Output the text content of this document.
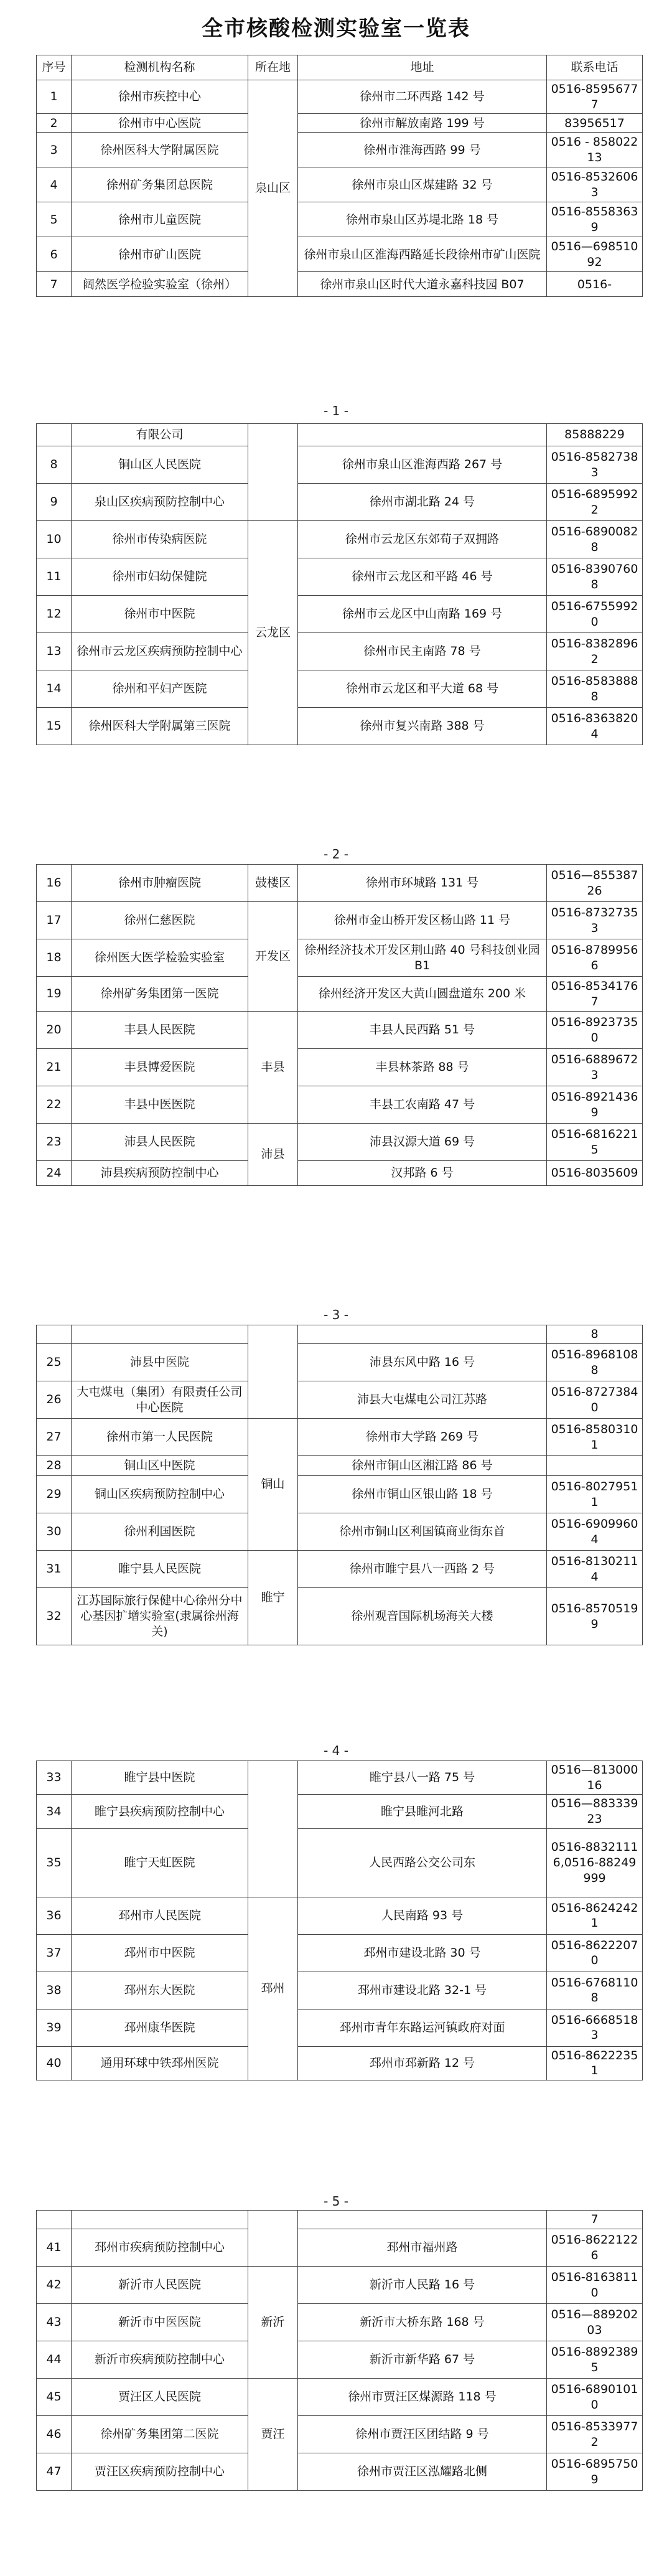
全市核酸检测实验室一览表
序号	检测机构名称	所在地	地址	联系电话
1	徐州市疾控中心	泉山区	徐州市二环西路 142 号	0516-85956777
2	徐州市中心医院		徐州市解放南路 199 号	83956517
3	徐州医科大学附属医院		徐州市淮海西路 99 号	0516 - 85802213
4	徐州矿务集团总医院		徐州市泉山区煤建路 32 号	0516-85326063
5	徐州市儿童医院		徐州市泉山区苏堤北路 18 号	0516-85583639
6	徐州市矿山医院		徐州市泉山区淮海西路延长段徐州市矿山医院	0516—69851092
7	阔然医学检验实验室（徐州）		徐州市泉山区时代大道永嘉科技园 B07	0516-
	有限公司			85888229
8	铜山区人民医院		徐州市泉山区淮海西路 267 号	0516-85827383
9	泉山区疾病预防控制中心		徐州市湖北路 24 号	0516-68959922
10	徐州市传染病医院	云龙区	徐州市云龙区东郊荀子双拥路	0516-68900828
11	徐州市妇幼保健院		徐州市云龙区和平路 46 号	0516-83907608
12	徐州市中医院		徐州市云龙区中山南路 169 号	0516-67559920
13	徐州市云龙区疾病预防控制中心		徐州市民主南路 78 号	0516-83828962
14	徐州和平妇产医院		徐州市云龙区和平大道 68 号	0516-85838888
15	徐州医科大学附属第三医院		徐州市复兴南路 388 号	0516-83638204
16	徐州市肿瘤医院	鼓楼区	徐州市环城路 131 号	0516—85538726
17	徐州仁慈医院	开发区	徐州市金山桥开发区杨山路 11 号	0516-87327353
18	徐州医大医学检验实验室		徐州经济技术开发区荆山路 40 号科技创业园 B1	0516-87899566
19	徐州矿务集团第一医院		徐州经济开发区大黄山圆盘道东 200 米	0516-85341767
20	丰县人民医院	丰县	丰县人民西路 51 号	0516-89237350
21	丰县博爱医院		丰县林茶路 88 号	0516-68896723
22	丰县中医医院		丰县工农南路 47 号	0516-89214369
23	沛县人民医院	沛县	沛县汉源大道 69 号	0516-68162215
24	沛县疾病预防控制中心		汉邦路 6 号	0516-8035609
				8
25	沛县中医院		沛县东风中路 16 号	0516-89681088
26	大屯煤电（集团）有限责任公司中心医院		沛县大屯煤电公司江苏路	0516-87273840
27	徐州市第一人民医院	铜山	徐州市大学路 269 号	0516-85803101
28	铜山区中医院		徐州市铜山区湘江路 86 号	
29	铜山区疾病预防控制中心		徐州市铜山区银山路 18 号	0516-80279511
30	徐州利国医院		徐州市铜山区利国镇商业街东首	0516-69099604
31	睢宁县人民医院	睢宁	徐州市睢宁县八一西路 2 号	0516-81302114
32	江苏国际旅行保健中心徐州分中心基因扩增实验室(隶属徐州海关)		徐州观音国际机场海关大楼	0516-85705199
33	睢宁县中医院		睢宁县八一路 75 号	0516—81300016
34	睢宁县疾病预防控制中心		睢宁县睢河北路	0516—88333923
35	睢宁天虹医院		人民西路公交公司东	0516-88321116,0516-88249999
36	邳州市人民医院	邳州	人民南路 93 号	0516-86242421
37	邳州市中医院		邳州市建设北路 30 号	0516-86222070
38	邳州东大医院		邳州市建设北路 32-1 号	0516-67681108
39	邳州康华医院		邳州市青年东路运河镇政府对面	0516-66685183
40	通用环球中铁邳州医院		邳州市邳新路 12 号	0516-86222351
				7
41	邳州市疾病预防控制中心		邳州市福州路	0516-86221226
42	新沂市人民医院	新沂	新沂市人民路 16 号	0516-81638110
43	新沂市中医医院		新沂市大桥东路 168 号	0516—88920203
44	新沂市疾病预防控制中心		新沂市新华路 67 号	0516-88923895
45	贾汪区人民医院	贾汪	徐州市贾汪区煤源路 118 号	0516-68901010
46	徐州矿务集团第二医院		徐州市贾汪区团结路 9 号	0516-85339772
47	贾汪区疾病预防控制中心		徐州市贾汪区泓耀路北侧	0516-68957509
- 1 -
- 2 -
- 3 -
- 4 -
- 5 -
